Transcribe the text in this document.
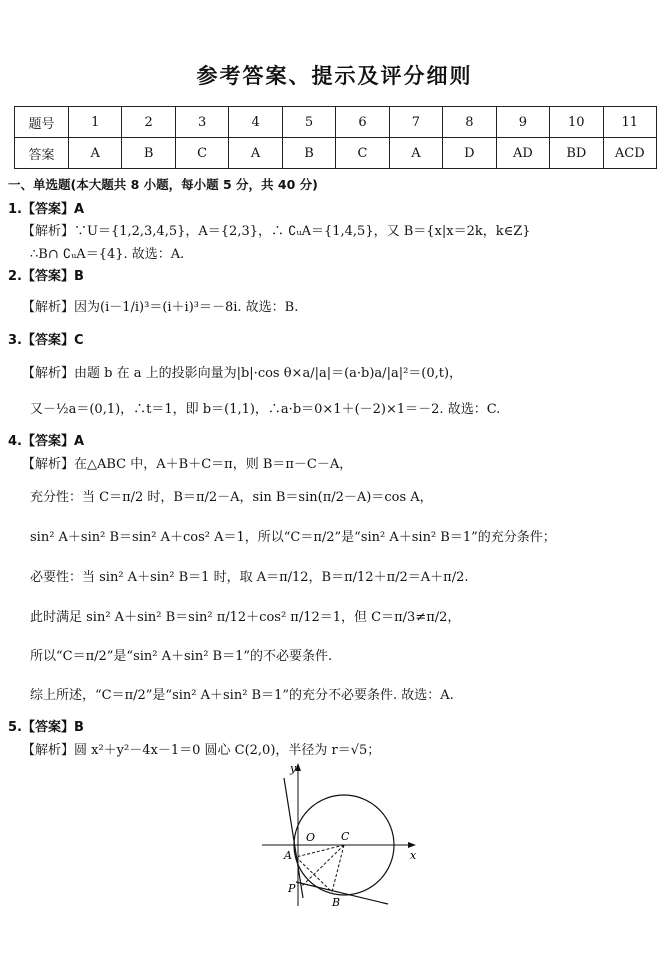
参考答案、提示及评分细则
题号	1	2	3	4	5	6	7	8	9	10	11
答案	A	B	C	A	B	C	A	D	AD	BD	ACD
一、单选题(本大题共 8 小题，每小题 5 分，共 40 分)
1.【答案】A
【解析】∵U＝{1,2,3,4,5}，A＝{2,3}，∴ ∁ᵤA＝{1,4,5}，又 B＝{x|x＝2k，k∈Z}
∴B∩ ∁ᵤA＝{4}. 故选：A.
2.【答案】B
【解析】因为(i－1/i)³＝(i＋i)³＝－8i. 故选：B.
3.【答案】C
【解析】由题 b 在 a 上的投影向量为|b|·cos θ×a/|a|＝(a·b)a/|a|²＝(0,t)，
又－½a＝(0,1)，∴t＝1，即 b＝(1,1)，∴a·b＝0×1＋(－2)×1＝－2. 故选：C.
4.【答案】A
【解析】在△ABC 中，A＋B＋C＝π，则 B＝π－C－A，
充分性：当 C＝π/2 时，B＝π/2－A，sin B＝sin(π/2－A)＝cos A，
sin² A＋sin² B＝sin² A＋cos² A＝1，所以“C＝π/2”是“sin² A＋sin² B＝1”的充分条件；
必要性：当 sin² A＋sin² B＝1 时，取 A＝π/12，B＝π/12＋π/2＝A＋π/2.
此时满足 sin² A＋sin² B＝sin² π/12＋cos² π/12＝1，但 C＝π/3≠π/2，
所以“C＝π/2”是“sin² A＋sin² B＝1”的不必要条件.
综上所述，“C＝π/2”是“sin² A＋sin² B＝1”的充分不必要条件. 故选：A.
5.【答案】B
【解析】圆 x²＋y²－4x－1＝0 圆心 C(2,0)，半径为 r＝√5；
y
x
O C
A
P
B
